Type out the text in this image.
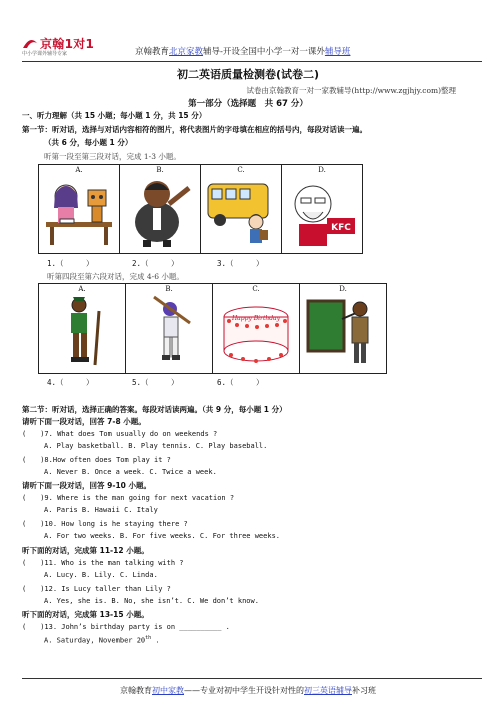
京翰1对1
中小学课外辅导专家	京翰教育北京家教辅导-开设全国中小学一对一课外辅导班
初二英语质量检测卷(试卷二)
试卷由京翰教育一对一家教辅导(http://www.zgjhjy.com)整理
第一部分（选择题　共 67 分）
一、听力理解（共 15 小题；每小题 1 分，共 15 分）
第一节：听对话，选择与对话内容相符的图片，将代表图片的字母填在相应的括号内，每段对话读一遍。
（共 6 分，每小题 1 分）
听第一段至第三段对话，完成 1-3 小题。
A.	B.	C.	D.
KFC
1.（　　　）	2.（　　　）	3.（　　　）
听第四段至第六段对话，完成 4-6 小题。
A.	B.	C.
Happy Birthday

D.
4.（　　　）	5.（　　　）	6.（　　　）
第二节：听对话，选择正确的答案。每段对话读两遍。（共 9 分，每小题 1 分）
请听下面一段对话，回答 7-8 小题。
(　　)7. What does Tom usually do on weekends ?
A. Play basketball. B. Play tennis. C. Play baseball.
(　　)8.How often does Tom play it ?
A. Never B. Once a week. C. Twice a week.
请听下面一段对话，回答 9-10 小题。
(　　)9. Where is the man going for next vacation ?
A. Paris B. Hawaii C. Italy
(　　)10. How long is he staying there ?
A. For two weeks. B. For five weeks. C. For three weeks.
听下面的对话，完成第 11-12 小题。
(　　)11. Who is the man talking with ?
A. Lucy. B. Lily. C. Linda.
(　　)12. Is Lucy taller than Lily ?
A. Yes, she is. B. No, she isn’t. C. We don’t know.
听下面的对话，完成第 13-15 小题。
(　　)13. John’s birthday party is on __________ .
A. Saturday, November 20th .
京翰教育初中家教——专业对初中学生开设针对性的初三英语辅导补习班
